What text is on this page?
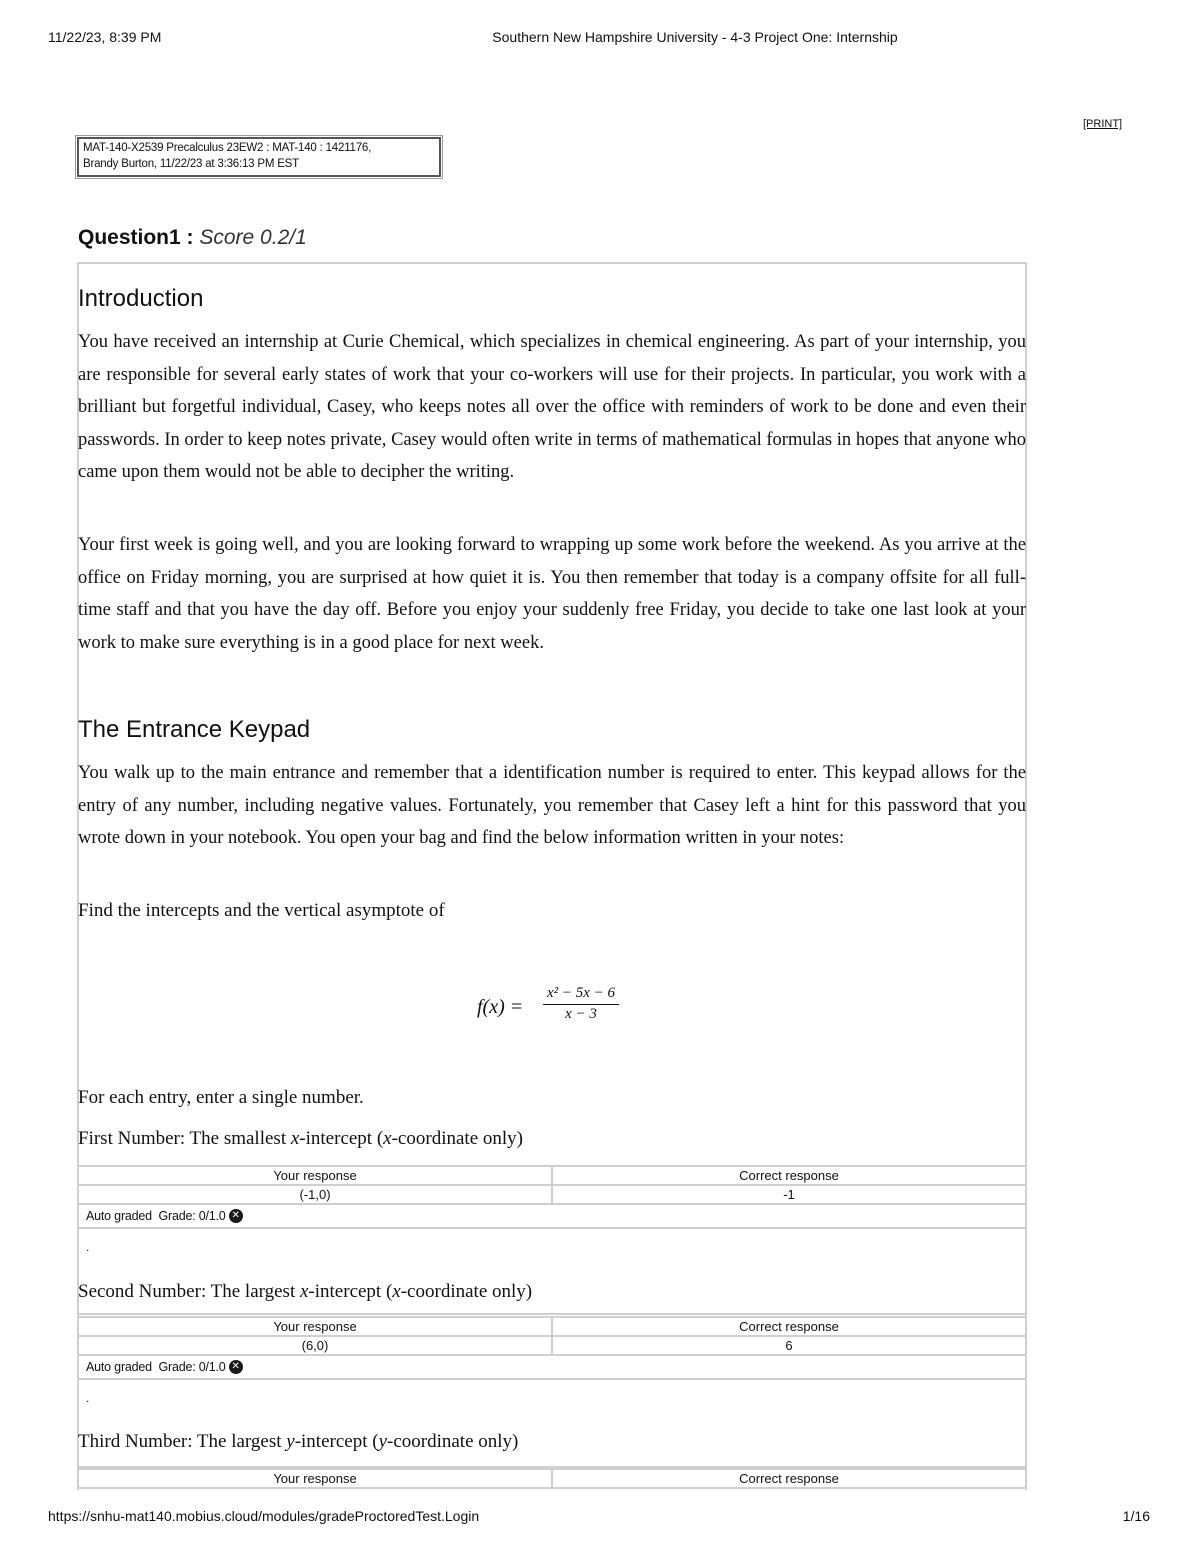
11/22/23, 8:39 PM	Southern New Hampshire University - 4-3 Project One: Internship
[PRINT]
MAT-140-X2539 Precalculus 23EW2 : MAT-140 : 1421176,
Brandy Burton, 11/22/23 at 3:36:13 PM EST
Question1 : Score 0.2/1
Introduction

You have received an internship at Curie Chemical, which specializes in chemical engineering. As part of your internship, you are responsible for several early states of work that your co-workers will use for their projects. In particular, you work with a brilliant but forgetful individual, Casey, who keeps notes all over the office with reminders of work to be done and even their passwords. In order to keep notes private, Casey would often write in terms of mathematical formulas in hopes that anyone who came upon them would not be able to decipher the writing.

Your first week is going well, and you are looking forward to wrapping up some work before the weekend. As you arrive at the office on Friday morning, you are surprised at how quiet it is. You then remember that today is a company offsite for all full-time staff and that you have the day off. Before you enjoy your suddenly free Friday, you decide to take one last look at your work to make sure everything is in a good place for next week.

The Entrance Keypad

You walk up to the main entrance and remember that a identification number is required to enter. This keypad allows for the entry of any number, including negative values. Fortunately, you remember that Casey left a hint for this password that you wrote down in your notebook. You open your bag and find the below information written in your notes:

Find the intercepts and the vertical asymptote of

$f(x) = \frac{\text{x² − 5x − 6}}{x - 3}$

For each entry, enter a single number.

First Number: The smallest x-intercept (x-coordinate only)

Your response	Correct response
(-1,0)	-1
Auto graded  Grade: 0/1.0 ✕
.

Second Number: The largest x-intercept (x-coordinate only)

Your response	Correct response
(6,0)	6
Auto graded  Grade: 0/1.0 ✕
.

Third Number: The largest y-intercept (y-coordinate only)

Your response	Correct response
https://snhu-mat140.mobius.cloud/modules/gradeProctoredTest.Login	1/16
